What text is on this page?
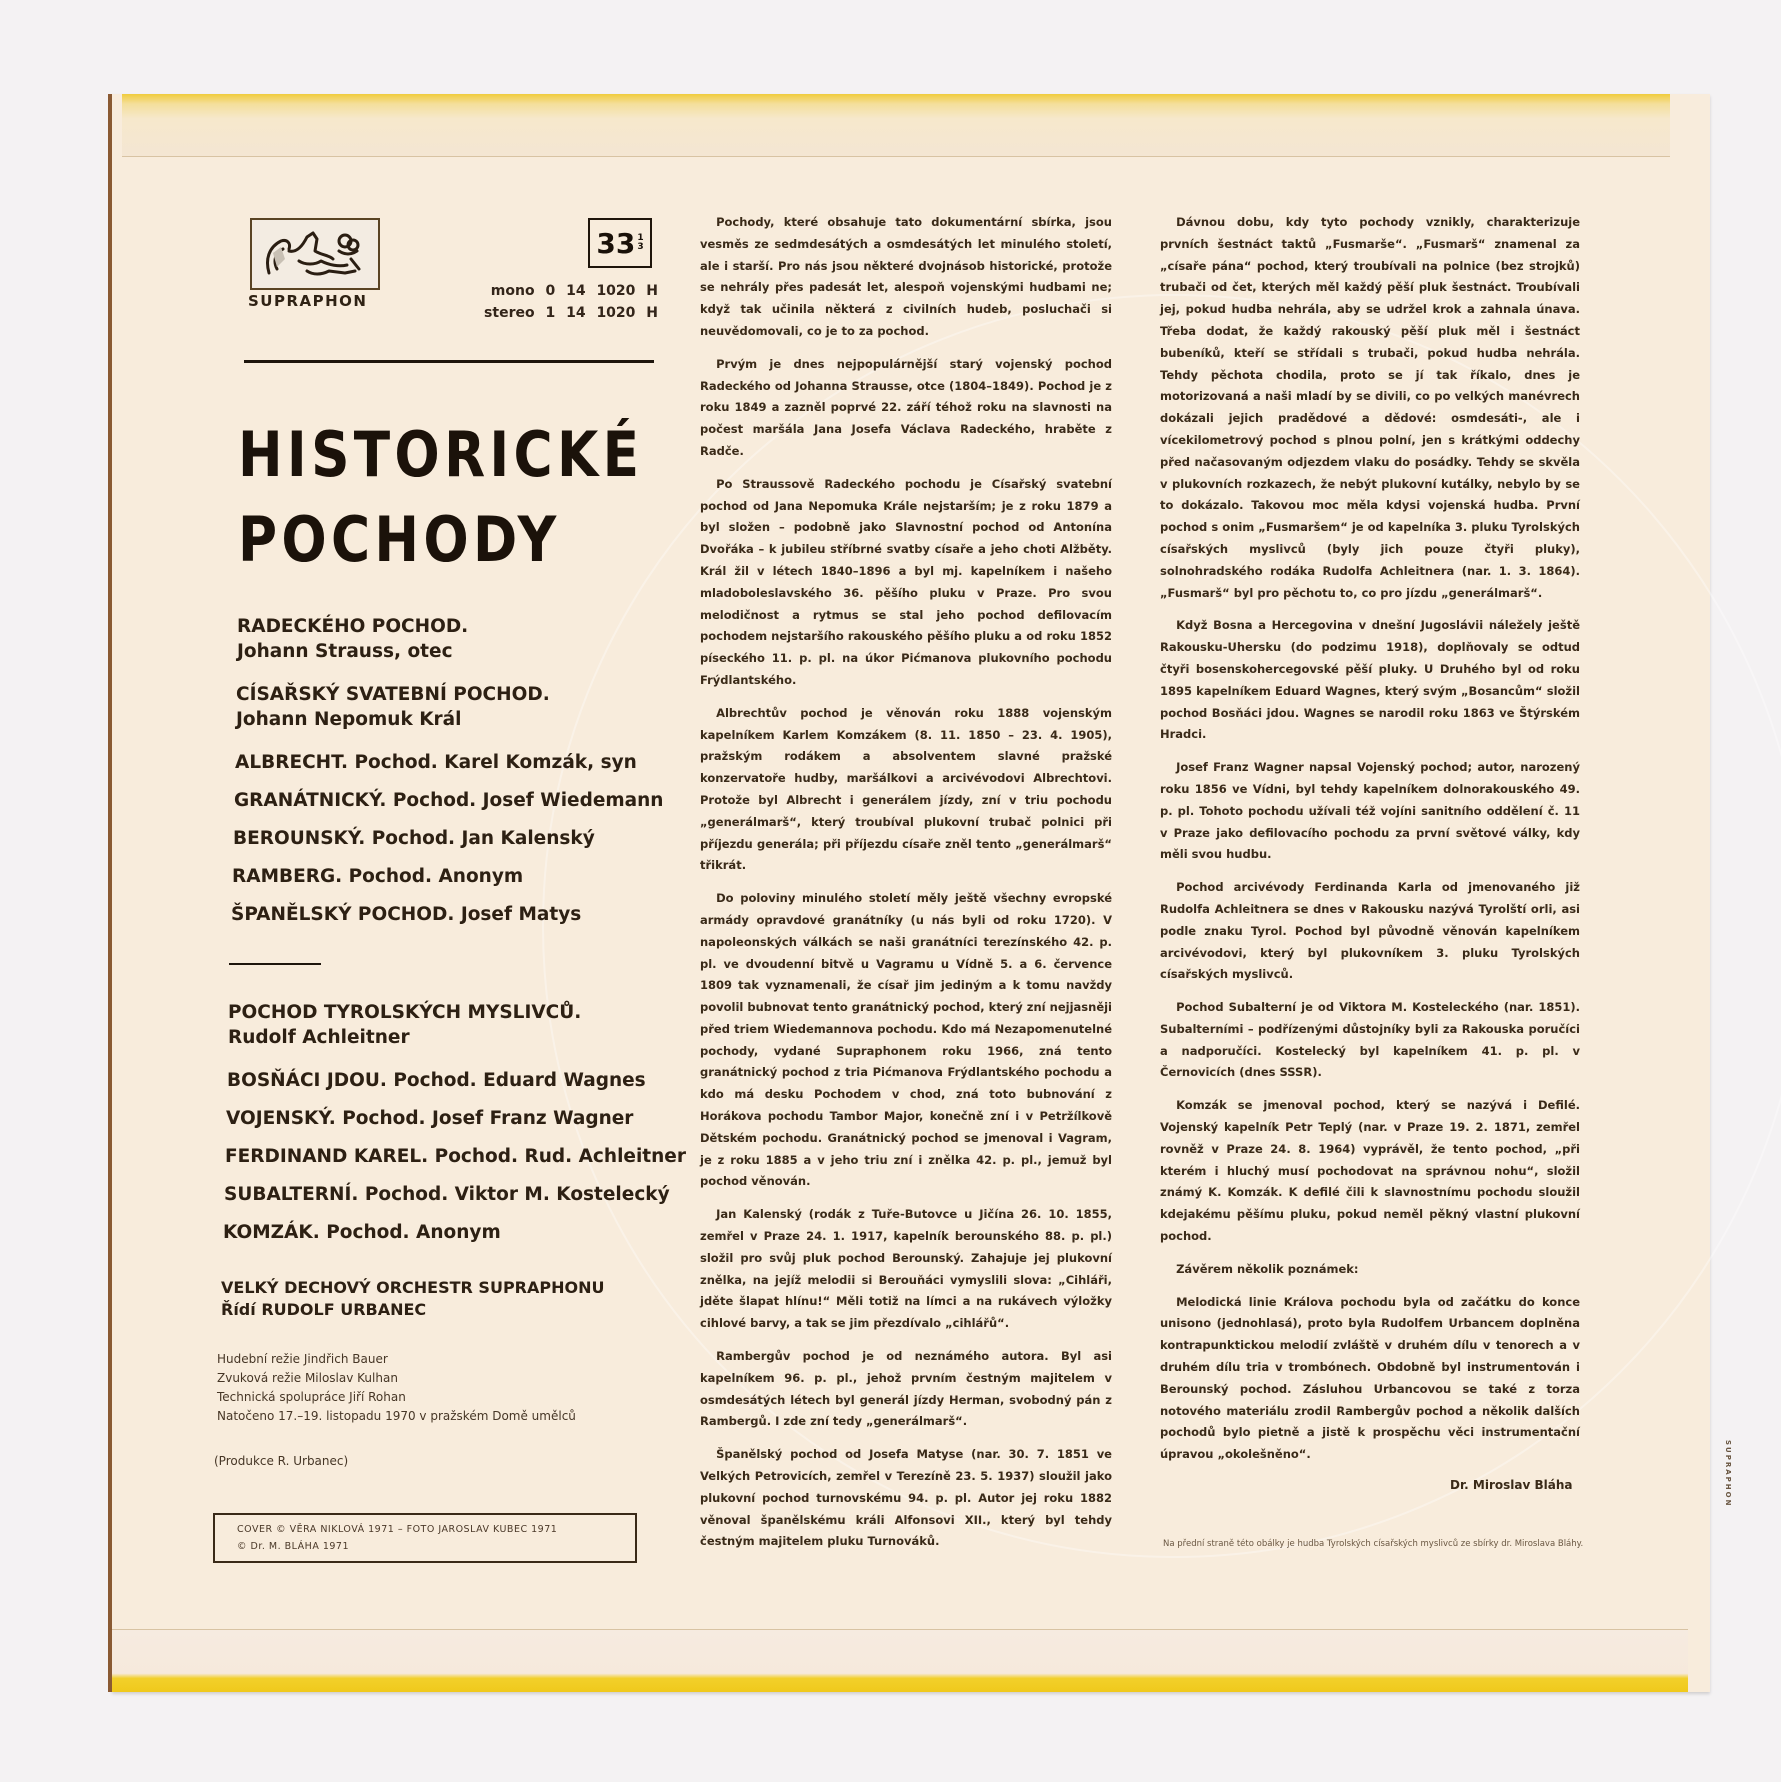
SUPRAPHON
33 1
3
mono 0 14 1020 H
stereo 1 14 1020 H
HISTORICKÉ
POCHODY
RADECKÉHO POCHOD.
Johann Strauss, otec
CÍSAŘSKÝ SVATEBNÍ POCHOD.
Johann Nepomuk Král
ALBRECHT. Pochod. Karel Komzák, syn
GRANÁTNICKÝ. Pochod. Josef Wiedemann
BEROUNSKÝ. Pochod. Jan Kalenský
RAMBERG. Pochod. Anonym
ŠPANĚLSKÝ POCHOD. Josef Matys
POCHOD TYROLSKÝCH MYSLIVCŮ.
Rudolf Achleitner
BOSŇÁCI JDOU. Pochod. Eduard Wagnes
VOJENSKÝ. Pochod. Josef Franz Wagner
FERDINAND KAREL. Pochod. Rud. Achleitner
SUBALTERNÍ. Pochod. Viktor M. Kostelecký
KOMZÁK. Pochod. Anonym
VELKÝ DECHOVÝ ORCHESTR SUPRAPHONU
Řídí RUDOLF URBANEC
Hudební režie Jindřich Bauer
Zvuková režie Miloslav Kulhan
Technická spolupráce Jiří Rohan
Natočeno 17.–19. listopadu 1970 v pražském Domě umělců
(Produkce R. Urbanec)
COVER © VĚRA NIKLOVÁ 1971 – FOTO JAROSLAV KUBEC 1971
© Dr. M. BLÁHA 1971

Pochody, které obsahuje tato dokumentární sbírka, jsou vesměs ze sedmdesátých a osmdesátých let minulého století, ale i starší. Pro nás jsou některé dvojnásob historické, protože se nehrály přes padesát let, alespoň vojenskými hudbami ne; když tak učinila některá z civilních hudeb, posluchači si neuvědomovali, co je to za pochod.

Prvým je dnes nejpopulárnější starý vojenský pochod Radeckého od Johanna Strausse, otce (1804–1849). Pochod je z roku 1849 a zazněl poprvé 22. září téhož roku na slavnosti na počest maršála Jana Josefa Václava Radeckého, hraběte z Radče.

Po Straussově Radeckého pochodu je Císařský svatební pochod od Jana Nepomuka Krále nejstarším; je z roku 1879 a byl složen – podobně jako Slavnostní pochod od Antonína Dvořáka – k jubileu stříbrné svatby císaře a jeho choti Alžběty. Král žil v létech 1840–1896 a byl mj. kapelníkem i našeho mladoboleslavského 36. pěšího pluku v Praze. Pro svou melodičnost a rytmus se stal jeho pochod defilovacím pochodem nejstaršího rakouského pěšího pluku a od roku 1852 píseckého 11. p. pl. na úkor Pićmanova plukovního pochodu Frýdlantského.

Albrechtův pochod je věnován roku 1888 vojenským kapelníkem Karlem Komzákem (8. 11. 1850 – 23. 4. 1905), pražským rodákem a absolventem slavné pražské konzervatoře hudby, maršálkovi a arcivévodovi Albrechtovi. Protože byl Albrecht i generálem jízdy, zní v triu pochodu „generálmarš“, který troubíval plukovní trubač polnici při příjezdu generála; při příjezdu císaře zněl tento „generálmarš“ třikrát.

Do poloviny minulého století měly ještě všechny evropské armády opravdové granátníky (u nás byli od roku 1720). V napoleonských válkách se naši granátníci terezínského 42. p. pl. ve dvoudenní bitvě u Vagramu u Vídně 5. a 6. července 1809 tak vyznamenali, že císař jim jediným a k tomu navždy povolil bubnovat tento granátnický pochod, který zní nejjasněji před triem Wiedemannova pochodu. Kdo má Nezapomenutelné pochody, vydané Supraphonem roku 1966, zná tento granátnický pochod z tria Pićmanova Frýdlantského pochodu a kdo má desku Pochodem v chod, zná toto bubnování z Horákova pochodu Tambor Major, konečně zní i v Petržílkově Dětském pochodu. Granátnický pochod se jmenoval i Vagram, je z roku 1885 a v jeho triu zní i znělka 42. p. pl., jemuž byl pochod věnován.

Jan Kalenský (rodák z Tuře-Butovce u Jičína 26. 10. 1855, zemřel v Praze 24. 1. 1917, kapelník berounského 88. p. pl.) složil pro svůj pluk pochod Berounský. Zahajuje jej plukovní znělka, na jejíž melodii si Berouňáci vymyslili slova: „Cihláři, jděte šlapat hlínu!“ Měli totiž na límci a na rukávech výložky cihlové barvy, a tak se jim přezdívalo „cihlářů“.

Rambergův pochod je od neznámého autora. Byl asi kapelníkem 96. p. pl., jehož prvním čestným majitelem v osmdesátých létech byl generál jízdy Herman, svobodný pán z Rambergů. I zde zní tedy „generálmarš“.

Španělský pochod od Josefa Matyse (nar. 30. 7. 1851 ve Velkých Petrovicích, zemřel v Terezíně 23. 5. 1937) sloužil jako plukovní pochod turnovskému 94. p. pl. Autor jej roku 1882 věnoval španělskému králi Alfonsovi XII., který byl tehdy čestným majitelem pluku Turnováků.

Dávnou dobu, kdy tyto pochody vznikly, charakterizuje prvních šestnáct taktů „Fusmarše“. „Fusmarš“ znamenal za „císaře pána“ pochod, který troubívali na polnice (bez strojků) trubači od čet, kterých měl každý pěší pluk šestnáct. Troubívali jej, pokud hudba nehrála, aby se udržel krok a zahnala únava. Třeba dodat, že každý rakouský pěší pluk měl i šestnáct bubeníků, kteří se střídali s trubači, pokud hudba nehrála. Tehdy pěchota chodila, proto se jí tak říkalo, dnes je motorizovaná a naši mladí by se divili, co po velkých manévrech dokázali jejich pradědové a dědové: osmdesáti-, ale i vícekilometrový pochod s plnou polní, jen s krátkými oddechy před načasovaným odjezdem vlaku do posádky. Tehdy se skvěla v plukovních rozkazech, že nebýt plukovní kutálky, nebylo by se to dokázalo. Takovou moc měla kdysi vojenská hudba. První pochod s onim „Fusmaršem“ je od kapelníka 3. pluku Tyrolských císařských myslivců (byly jich pouze čtyři pluky), solnohradského rodáka Rudolfa Achleitnera (nar. 1. 3. 1864). „Fusmarš“ byl pro pěchotu to, co pro jízdu „generálmarš“.

Když Bosna a Hercegovina v dnešní Jugoslávii náležely ještě Rakousku-Uhersku (do podzimu 1918), doplňovaly se odtud čtyři bosenskohercegovské pěší pluky. U Druhého byl od roku 1895 kapelníkem Eduard Wagnes, který svým „Bosancům“ složil pochod Bosňáci jdou. Wagnes se narodil roku 1863 ve Štýrském Hradci.

Josef Franz Wagner napsal Vojenský pochod; autor, narozený roku 1856 ve Vídni, byl tehdy kapelníkem dolnorakouského 49. p. pl. Tohoto pochodu užívali též vojíni sanitního oddělení č. 11 v Praze jako defilovacího pochodu za první světové války, kdy měli svou hudbu.

Pochod arcivévody Ferdinanda Karla od jmenovaného již Rudolfa Achleitnera se dnes v Rakousku nazývá Tyrolští orli, asi podle znaku Tyrol. Pochod byl původně věnován kapelníkem arcivévodovi, který byl plukovníkem 3. pluku Tyrolských císařských myslivců.

Pochod Subalterní je od Viktora M. Kosteleckého (nar. 1851). Subalterními – podřízenými důstojníky byli za Rakouska poručíci a nadporučíci. Kostelecký byl kapelníkem 41. p. pl. v Černovicích (dnes SSSR).

Komzák se jmenoval pochod, který se nazývá i Defilé. Vojenský kapelník Petr Teplý (nar. v Praze 19. 2. 1871, zemřel rovněž v Praze 24. 8. 1964) vyprávěl, že tento pochod, „při kterém i hluchý musí pochodovat na správnou nohu“, složil známý K. Komzák. K defilé čili k slavnostnímu pochodu sloužil kdejakému pěšímu pluku, pokud neměl pěkný vlastní plukovní pochod.

Závěrem několik poznámek:

Melodická linie Králova pochodu byla od začátku do konce unisono (jednohlasá), proto byla Rudolfem Urbancem doplněna kontrapunktickou melodií zvláště v druhém dílu v tenorech a v druhém dílu tria v trombónech. Obdobně byl instrumentován i Berounský pochod. Zásluhou Urbancovou se také z torza notového materiálu zrodil Rambergův pochod a několik dalších pochodů bylo pietně a jistě k prospěchu věci instrumentační úpravou „okolešněno“.

Dr. Miroslav Bláha
Na přední straně této obálky je hudba Tyrolských císařských myslivců ze sbírky dr. Miroslava Bláhy.
SUPRAPHON
